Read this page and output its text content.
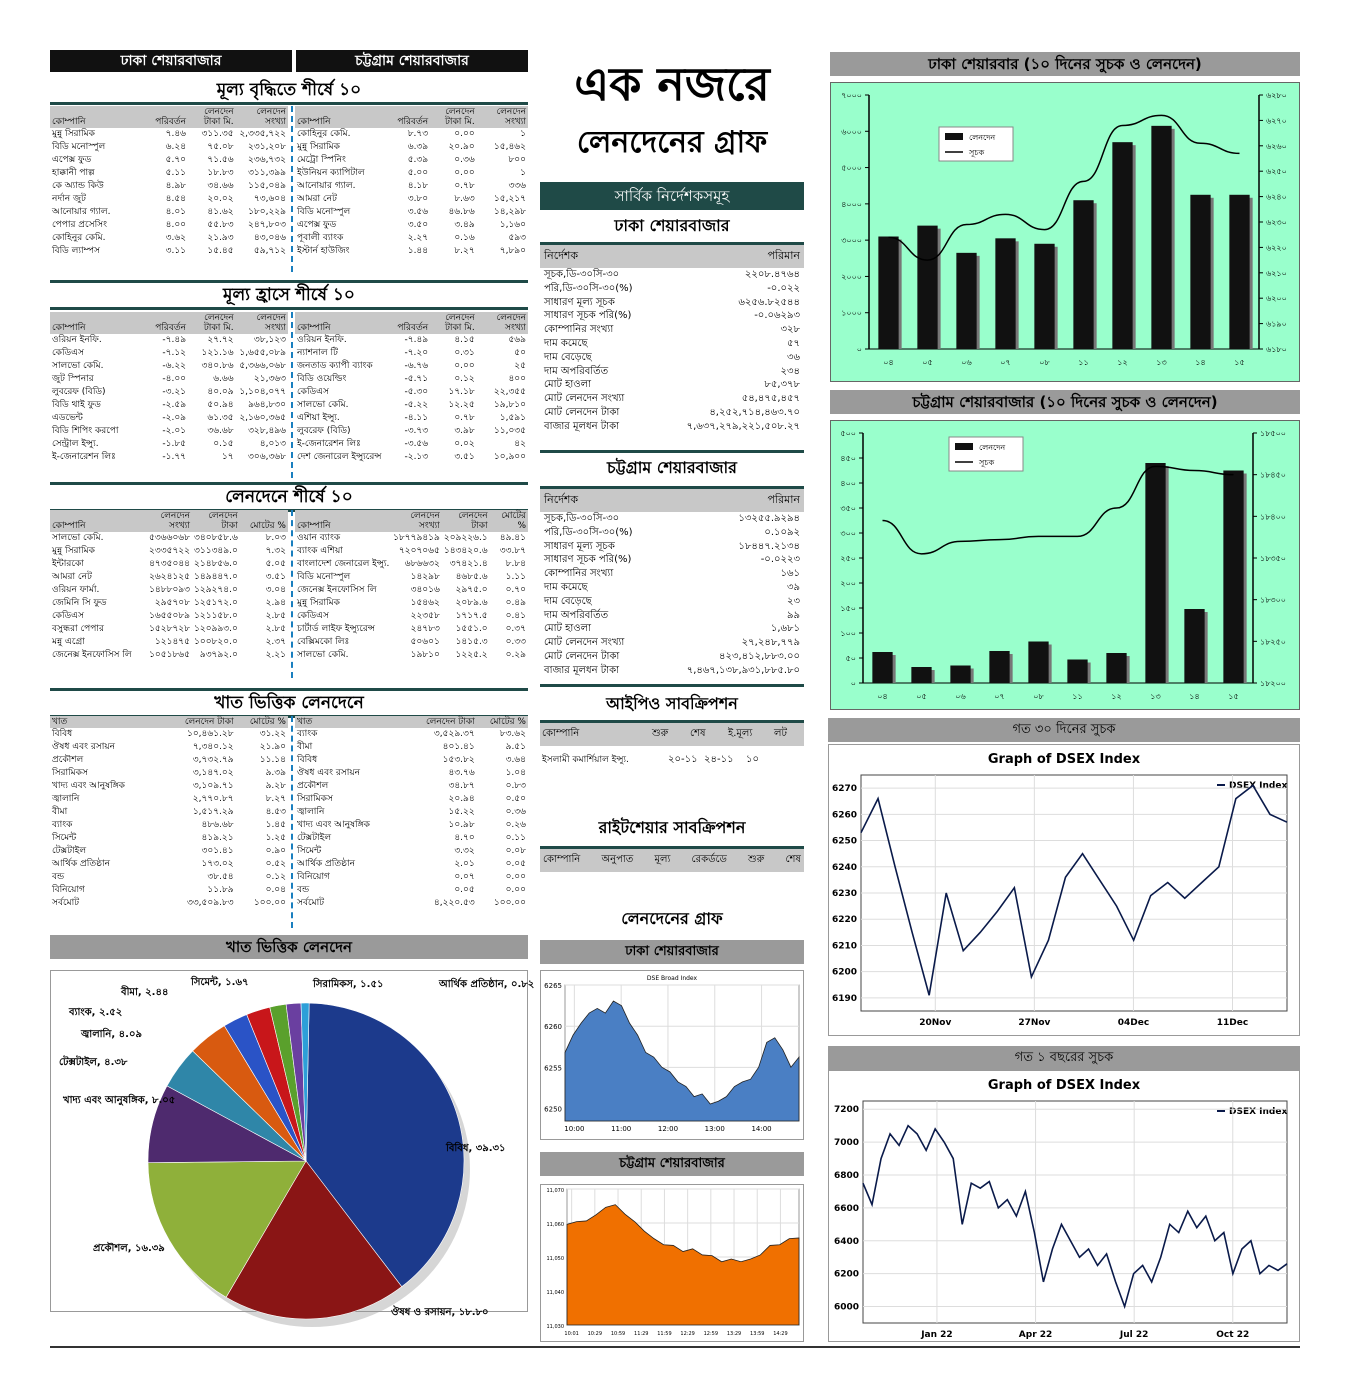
ঢাকা শেয়ারবাজার	চট্টগ্রাম শেয়ারবাজার
মূল্য বৃদ্ধিতে শীর্ষে ১০
কোম্পানি	পরিবর্তন	লেনদেন টাকা মি.	লেনদেন সংখ্যা
মুন্নু সিরামিক	৭.৪৬	৩১১.৩৫	২,৩৩৫,৭২২
বিডি মনোস্পুল	৬.২৪	৭৫.০৮	২৩১,২০৮
এপেক্স ফুড	৫.৭০	৭১.৫৬	২৩৬,৭৩২
হাক্কানী পাল্প	৫.১১	১৮.৮৩	৩১১,৩৯৯
কে অ্যান্ড কিউ	৪.৯৮	৩৪.৬৬	১১৫,০৪৯
নর্দান জুট	৪.৫৪	২০.০২	৭৩,৬০৪
আনোয়ার গ্যাল.	৪.০১	৪১.৬২	১৮০,২২৯
পেপার প্রসেসিং	৪.০০	৫৫.৮৩	২৪৭,৮০৩
কোহিনুর কেমি.	৩.৬২	২১.৯৩	৪৩,০৪৬
বিডি ল্যাম্পস	৩.১১	১৫.৪৫	৫৯,৭১২
কোম্পানি	পরিবর্তন	লেনদেন টাকা মি.	লেনদেন সংখ্যা
কোহিনুর কেমি.	৮.৭৩	০.০০	১
মুন্নু সিরামিক	৬.৩৯	২০.৯০	১৫,৪৬২
মেট্রো স্পিনিং	৫.৩৯	০.৩৬	৮০০
ইউনিয়ন ক্যাপিটাল	৫.০০	০.০০	১
আনোয়ার গ্যাল.	৪.১৮	০.৭৮	৩৩৬
আমরা নেট	৩.৮০	৮.৬৩	১৫,২১৭
বিডি মনোস্পুল	৩.৫৬	৪৬.৮৬	১৪,২৯৮
এপেক্স ফুড	৩.৫০	৩.৪৯	১,১৬০
পূবালী ব্যাংক	২.২৭	০.১৬	৫৯৩
ইস্টার্ন হাউজিং	১.৪৪	৮.২৭	৭,৮৯০
মূল্য হ্রাসে শীর্ষে ১০
কোম্পানি	পরিবর্তন	লেনদেন টাকা মি.	লেনদেন সংখ্যা
ওরিয়ন ইনফি.	-৭.৪৯	২৭.৭২	৩৮,১২৩
কেডিএস	-৭.১২	১২১.১৬	১,৬৫৫,০৮৯
সালভো কেমি.	-৬.২২	৩৪০.৮৬	৫,৩৬৬,০৬৮
জুট স্পিনার	-৪.০০	৬.৬৬	২১,৩৬৩
লুবরেফ (বিডি)	-৩.২১	৪০.০৯	১,১০৪,০৭৭
বিডি থাই ফুড	-২.৫৯	৫০.৯৪	৯৬৪,৮৩০
এডভেন্ট	-২.০৯	৬১.৩৫	২,১৬০,৩৬৫
বিডি শিপিং করপো	-২.০১	৩৬.৬৮	৩২৮,৪৯৬
সেন্ট্রাল ইন্স্যু.	-১.৮৫	০.১৫	৪,০১৩
ই-জেনারেশন লিঃ	-১.৭৭	১৭	৩০৬,৩৬৮
কোম্পানি	পরিবর্তন	লেনদেন টাকা মি.	লেনদেন সংখ্যা
ওরিয়ন ইনফি.	-৭.৪৯	৪.১৫	৫৬৯
ন্যাশনাল টি	-৭.২০	০.৩১	৫০
জনতাড ক্যাপী ব্যাংক	-৬.৭৬	০.০০	২৫
বিডি ওয়েল্ডিং	-৫.৭১	০.১২	৪০০
কেডিএস	-৫.৩০	১৭.১৮	২২,৩৫৫
সালভো কেমি.	-৫.২২	১২.২৫	১৯,৮১০
এশিয়া ইন্স্যু.	-৪.১১	০.৭৮	১,৫৯১
লুবরেফ (বিডি)	-৩.৭৩	৩.৯৮	১১,০৩৫
ই-জেনারেশন লিঃ	-৩.৫৬	০.০২	৪২
দেশ জেনারেল ইন্স্যুরেন্স	-২.১৩	৩.৫১	১০,৯০০
লেনদেনে শীর্ষে ১০
কোম্পানি	লেনদেন সংখ্যা	লেনদেন টাকা	মোটের %
সালভো কেমি.	৫৩৬৬০৬৮	৩৪০৮৫৮.৬	৮.০৩
মুন্নু সিরামিক	২৩৩৫৭২২	৩১১৩৪৯.০	৭.৩২
ইন্টারকো	৪৭৩৫০৪৪	২১৪৮৫৬.০	৫.০৫
আমরা নেট	২৬২৪১২৫	১৪৯৪৪৭.০	৩.৫১
ওরিয়ন ফার্মা.	১৪৮৮০৯৩	১২৯২৭৪.০	৩.০৪
জেমিনি সি ফুড	২৯৫৭০৮	১২৫১৭২.০	২.৯৪
কেডিএস	১৬৫৫০৮৯	১২১১৫৮.০	২.৮৫
বসুন্ধরা পেপার	১৫২৮৭২৮	১২০৯৯৩.০	২.৮৫
মন্নু এগ্রো	১২১৪৭৫	১০০৮২০.০	২.৩৭
জেনেক্স ইনফোসিস লি	১০৫১৮৬৫	৯৩৭৯২.০	২.২১
কোম্পানি	লেনদেন সংখ্যা	লেনদেন টাকা	মোটের %
ওয়ান ব্যাংক	১৮৭৭৯৪১৯	২০৯২২৬.১	৪৯.৪১
ব্যাংক এশিয়া	৭২০৭০৬৫	১৪৩৪২০.৬	৩৩.৮৭
বাংলাদেশ জেনারেল ইন্স্যু.	৬৮৬৬৩২	৩৭৪২১.৪	৮.৮৪
বিডি মনোস্পুল	১৪২৯৮	৪৬৮৫.৬	১.১১
জেনেক্স ইনফোসিস লি	৩৪০১৬	২৯৭৫.০	০.৭০
মুন্নু সিরামিক	১৫৪৬২	২০৮৯.৬	০.৪৯
কেডিএস	২২৩৫৮	১৭১৭.৫	০.৪১
চার্টার্ড লাইফ ইন্স্যুরেন্স	২৪৭৮৩	১৫৫১.০	০.৩৭
বেক্সিমকো লিঃ	৫০৬০১	১৪১৫.৩	০.৩৩
সালভো কেমি.	১৯৮১০	১২২৫.২	০.২৯
খাত ভিত্তিক লেনদেনে
খাত	লেনদেন টাকা	মোটের %
বিবিধ	১০,৪৬১.২৮	৩১.২২
ঔষধ এবং রসায়ন	৭,৩৪০.১২	২১.৯০
প্রকৌশল	৩,৭৩২.৭৯	১১.১৪
সিরামিকস	৩,১৪৭.০২	৯.৩৯
খাদ্য এবং আনুষঙ্গিক	৩,১০৯.৭১	৯.২৮
জ্বালানি	২,৭৭০.৮৭	৮.২৭
বীমা	১,৫১৭.২৯	৪.৫৩
ব্যাংক	৪৮৬.৬৮	১.৪৫
সিমেন্ট	৪১৯.২১	১.২৫
টেক্সটাইল	৩০১.৪১	০.৯০
আর্থিক প্রতিষ্ঠান	১৭৩.০২	০.৫২
বন্ড	৩৮.৫৪	০.১২
বিনিয়োগ	১১.৮৯	০.০৪
সর্বমোট	৩৩,৫০৯.৮৩	১০০.০০
খাত	লেনদেন টাকা	মোটের %
ব্যাংক	৩,৫২৯.৩৭	৮৩.৬২
বীমা	৪০১.৪১	৯.৫১
বিবিধ	১৫৩.৮২	৩.৬৪
ঔষধ এবং রসায়ন	৪৩.৭৬	১.০৪
প্রকৌশল	৩৪.৮৭	০.৮৩
সিরামিকস	২০.৯৪	০.৫০
জ্বালানি	১৫.২২	০.৩৬
খাদ্য এবং আনুষঙ্গিক	১০.৯৮	০.২৬
টেক্সটাইল	৪.৭০	০.১১
সিমেন্ট	৩.৩২	০.০৮
আর্থিক প্রতিষ্ঠান	২.০১	০.০৫
বিনিয়োগ	০.০৭	০.০০
বন্ড	০.০৫	০.০০
সর্বমোট	৪,২২০.৫৩	১০০.০০
খাত ভিত্তিক লেনদেন
বিবিধ, ৩৯.৩১
ঔষধ ও রসায়ন, ১৮.৮০
প্রকৌশল, ১৬.৩৯
খাদ্য এবং আনুষঙ্গিক, ৮.০৫
টেক্সটাইল, ৪.৩৮
জ্বালানি, ৪.০৯
ব্যাংক, ২.৫২
বীমা, ২.৪৪
সিমেন্ট, ১.৬৭	সিরামিকস, ১.৫১	আর্থিক প্রতিষ্ঠান, ০.৮২
এক নজরে
লেনদেনের গ্রাফ
সার্বিক নির্দেশকসমূহ
ঢাকা শেয়ারবাজার
নির্দেশক	পরিমান
সূচক,ডি-৩০সি-৩০	২২০৮.৪৭৬৪
পরি,ডি-৩০সি-৩০(%)	-০.০২২
সাধারণ মূল্য সূচক	৬২৫৬.৮২৫৪৪
সাধারণ সূচক পরি(%)	-০.০৬২৯৩
কোম্পানির সংখ্যা	৩২৮
দাম কমেছে	৫৭
দাম বেড়েছে	৩৬
দাম অপরিবর্তিত	২৩৪
মোট হাওলা	৮৫,৩৭৮
মোট লেনদেন সংখ্যা	৫৪,৪৭৫,৪৫৭
মোট লেনদেন টাকা	৪,২৫২,৭১৪,৪৬৩.৭০
বাজার মূলধন টাকা	৭,৬৩৭,২৭৯,২২১,৫০৮.২৭
চট্টগ্রাম শেয়ারবাজার
নির্দেশক	পরিমান
সূচক,ডি-৩০সি-৩০	১৩২৫৫.৯২৯৪
পরি,ডি-৩০সি-৩০(%)	০.১০৯২
সাধারণ মূল্য সূচক	১৮৪৪৭.২১৩৪
সাধারণ সূচক পরি(%)	-০.০২২৩
কোম্পানির সংখ্যা	১৬১
দাম কমেছে	৩৯
দাম বেড়েছে	২৩
দাম অপরিবর্তিত	৯৯
মোট হাওলা	১,৬৮১
মোট লেনদেন সংখ্যা	২৭,২৪৮,৭৭৯
মোট লেনদেন টাকা	৪২৩,৪১২,৮৮৩.০০
বাজার মূলধন টাকা	৭,৪৬৭,১৩৮,৯৩১,৮৮৫.৮০
আইপিও সাবক্রিপশন
কোম্পানি	শুরু	শেষ	ই.মূল্য	লট
ইসলামী কমার্শিয়াল ইন্স্যু.	২০-১১ ২৪-১১	১০
রাইটশেয়ার সাবক্রিপশন
কোম্পানি অনুপাত মূল্য রেকর্ডডে শুরু শেষ
লেনদেনের গ্রাফ
ঢাকা শেয়ারবাজার
DSE Broad Index
6250
6255
6260
6265
10:00	11:00	12:00	13:00	14:00
চট্টগ্রাম শেয়ারবাজার
11,030
11,040
11,050
11,060
11,070
10:01 10:29 10:59 11:29 11:59 12:29 12:59 13:29 13:59 14:29
ঢাকা শেয়ারবার (১০ দিনের সুচক ও লেনদেন)
০
১০০০
২০০০
৩০০০
৪০০০
৫০০০
৬০০০
৭০০০
৬১৮০
৬১৯০
৬২০০
৬২১০
৬২২০
৬২৩০
৬২৪০
৬২৫০
৬২৬০
৬২৭০
৬২৮০
০৪	০৫	০৬	০৭	০৮	১১	১২	১৩	১৪	১৫
লেনদেন
সূচক
চট্টগ্রাম শেয়ারবাজার (১০ দিনের সুচক ও লেনদেন)
০
৫০
১০০
১৫০
২০০
২৫০
৩০০
৩৫০
৪০০
৪৫০
৫০০
১৮২০০
১৮২৫০
১৮৩০০
১৮৩৫০
১৮৪০০
১৮৪৫০
১৮৫০০
০৪	০৫	০৬	০৭	০৮	১১	১২	১৩	১৪	১৫
লেনদেন
সূচক
গত ৩০ দিনের সুচক
Graph of DSEX Index
DSEX Index
6190
6200
6210
6220
6230
6240
6250
6260
6270
20Nov	27Nov	04Dec	11Dec
গত ১ বছরের সুচক
Graph of DSEX Index
DSEX Index
6000
6200
6400
6600
6800
7000
7200
Jan 22	Apr 22	Jul 22	Oct 22
